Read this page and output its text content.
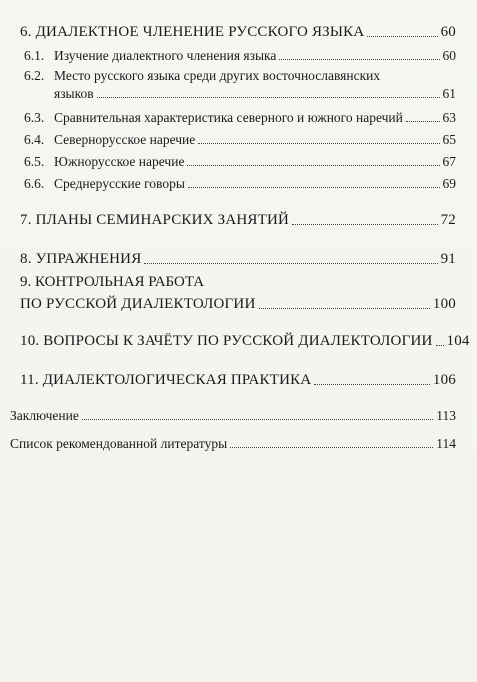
6. ДИАЛЕКТНОЕ ЧЛЕНЕНИЕ РУССКОГО ЯЗЫКА	60
6.1. Изучение диалектного членения языка	60
6.2. Место русского языка среди других восточнославянских
языков	61
6.3. Сравнительная характеристика северного и южного наречий	63
6.4. Севернорусское наречие	65
6.5. Южнорусское наречие	67
6.6. Среднерусские говоры	69
7. ПЛАНЫ СЕМИНАРСКИХ ЗАНЯТИЙ	72
8. УПРАЖНЕНИЯ	91
9. КОНТРОЛЬНАЯ РАБОТА
ПО РУССКОЙ ДИАЛЕКТОЛОГИИ	100
10. ВОПРОСЫ К ЗАЧЁТУ ПО РУССКОЙ ДИАЛЕКТОЛОГИИ 104
11. ДИАЛЕКТОЛОГИЧЕСКАЯ ПРАКТИКА	106
Заключение	113
Список рекомендованной литературы	114
